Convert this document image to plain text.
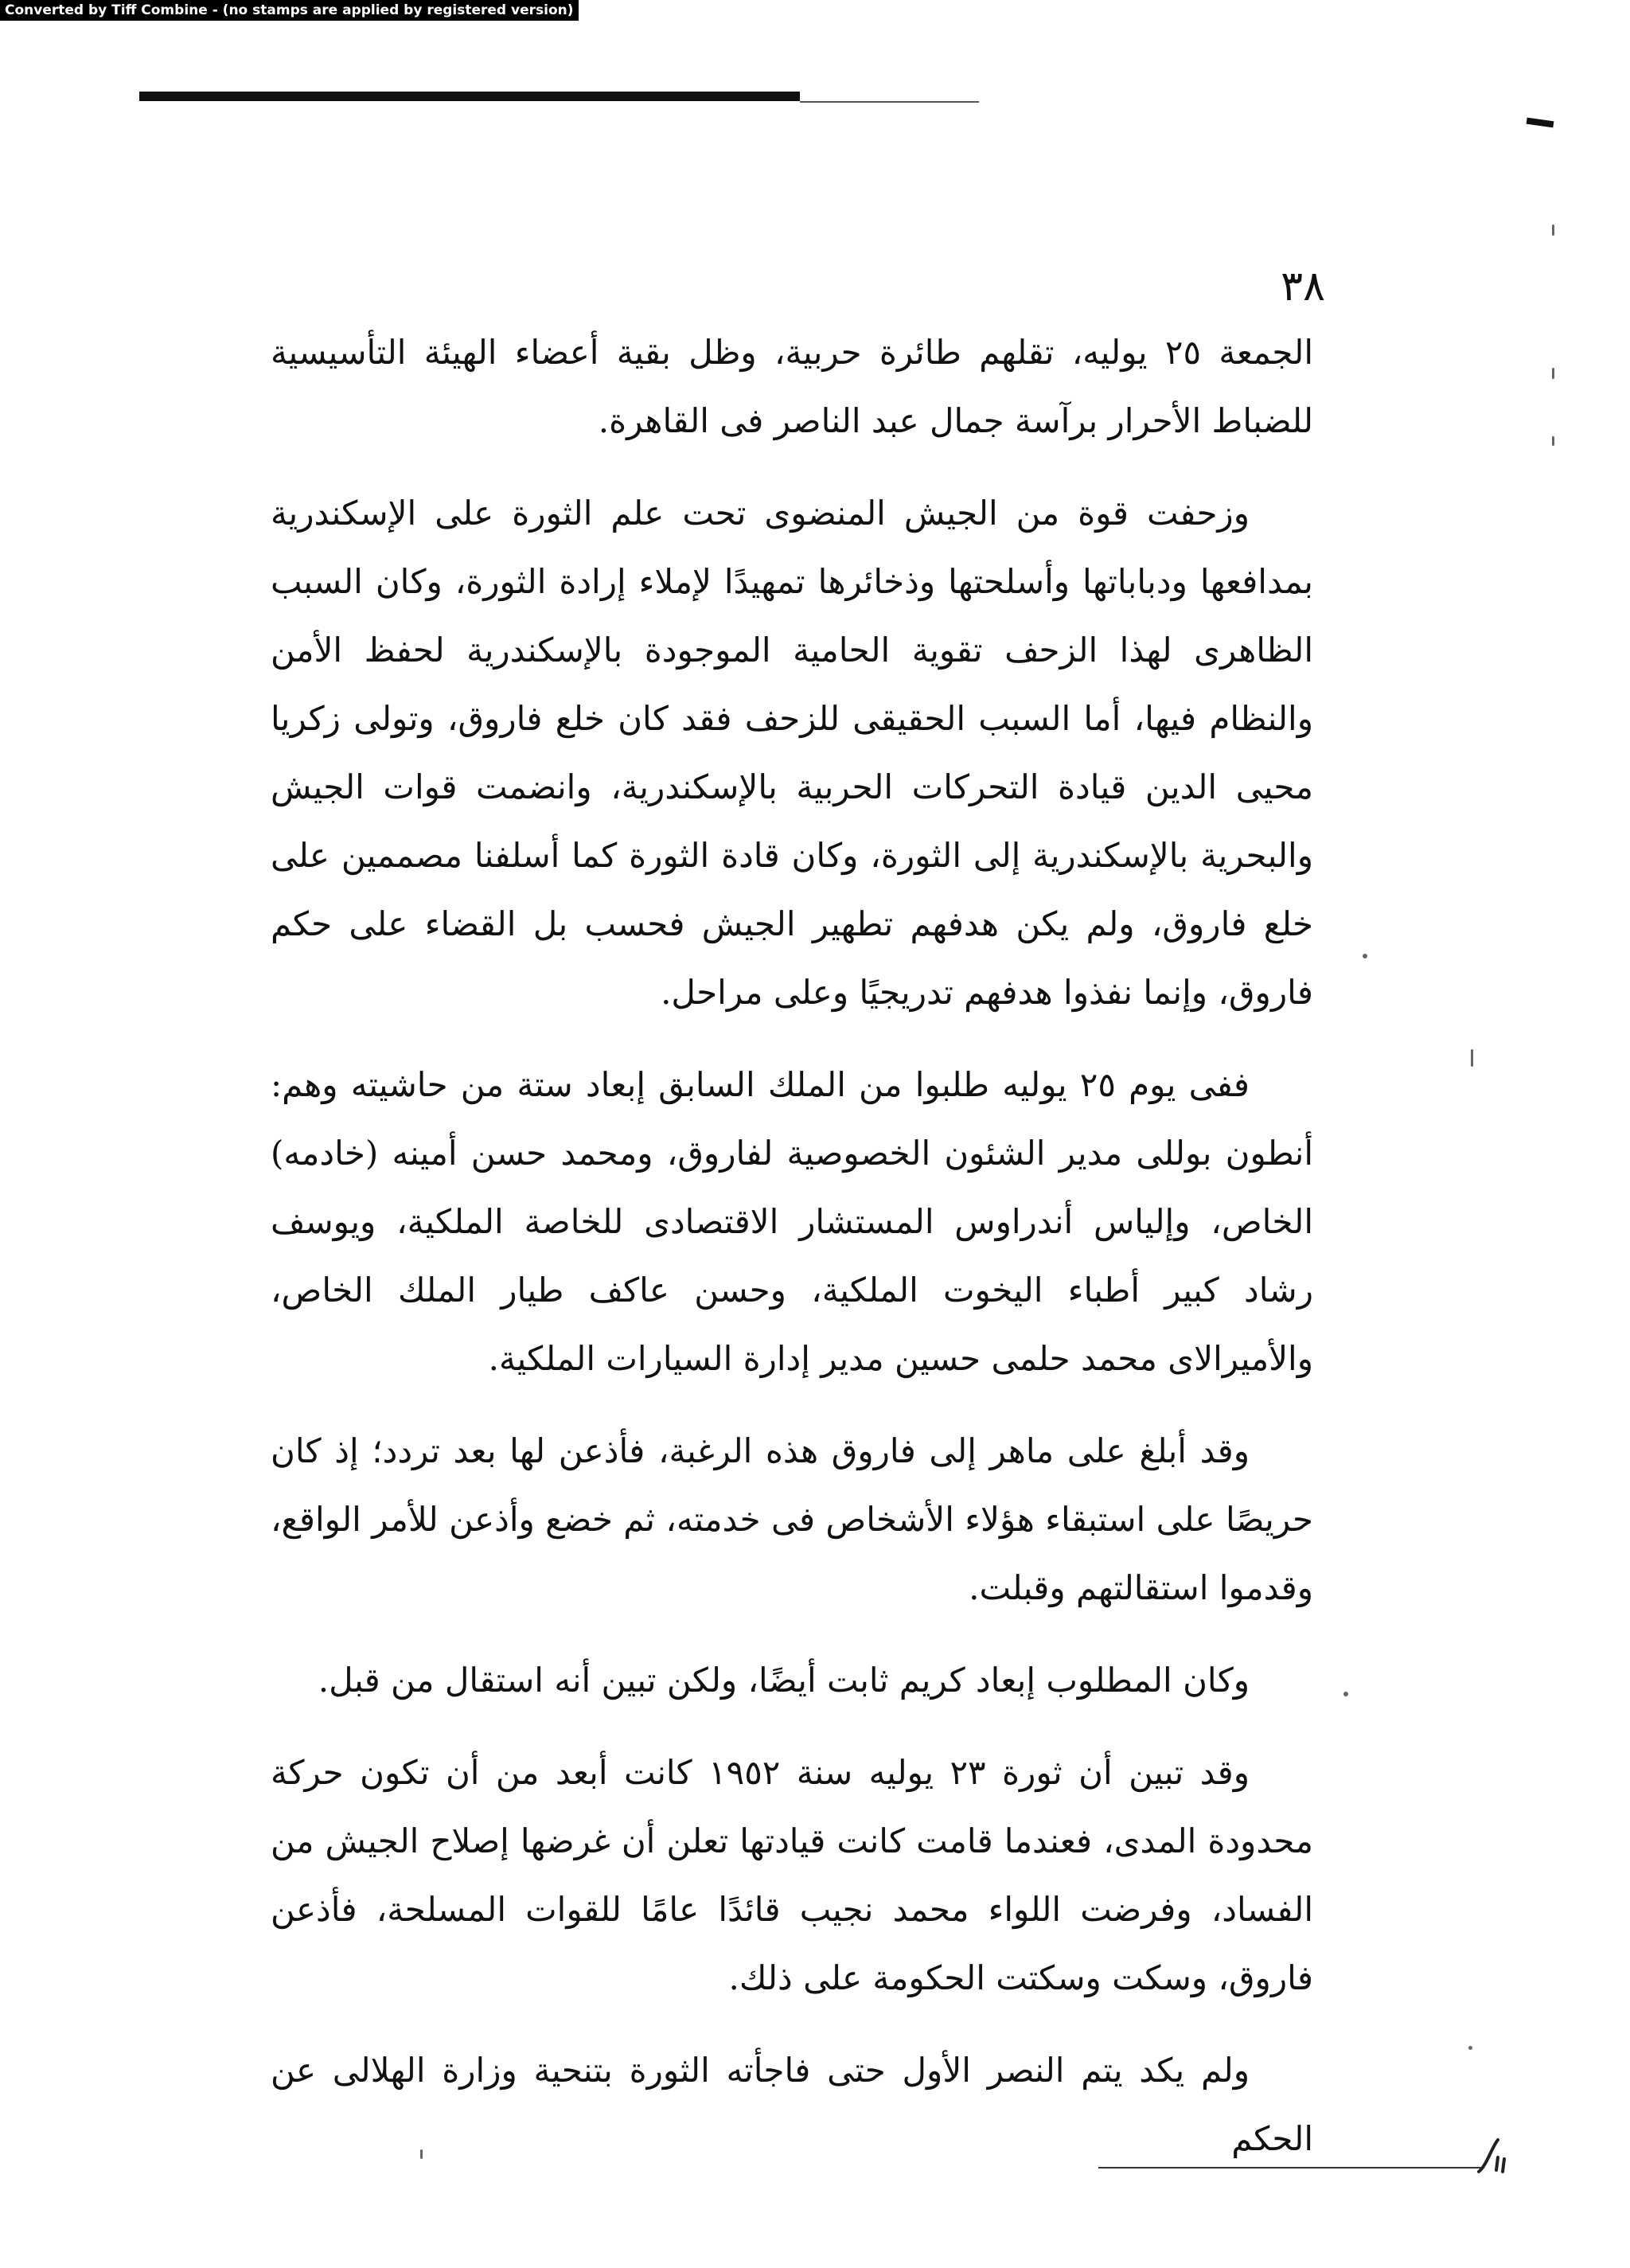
Converted by Tiff Combine - (no stamps are applied by registered version)
٣٨

الجمعة ٢٥ يوليه، تقلهم طائرة حربية، وظل بقية أعضاء الهيئة التأسيسية للضباط الأحرار برآسة جمال عبد الناصر فى القاهرة.

وزحفت قوة من الجيش المنضوى تحت علم الثورة على الإسكندرية بمدافعها ودباباتها وأسلحتها وذخائرها تمهيدًا لإملاء إرادة الثورة، وكان السبب الظاهرى لهذا الزحف تقوية الحامية الموجودة بالإسكندرية لحفظ الأمن والنظام فيها، أما السبب الحقيقى للزحف فقد كان خلع فاروق، وتولى زكريا محيى الدين قيادة التحركات الحربية بالإسكندرية، وانضمت قوات الجيش والبحرية بالإسكندرية إلى الثورة، وكان قادة الثورة كما أسلفنا مصممين على خلع فاروق، ولم يكن هدفهم تطهير الجيش فحسب بل القضاء على حكم فاروق، وإنما نفذوا هدفهم تدريجيًا وعلى مراحل.

ففى يوم ٢٥ يوليه طلبوا من الملك السابق إبعاد ستة من حاشيته وهم: أنطون بوللى مدير الشئون الخصوصية لفاروق، ومحمد حسن أمينه (خادمه) الخاص، وإلياس أندراوس المستشار الاقتصادى للخاصة الملكية، ويوسف رشاد كبير أطباء اليخوت الملكية، وحسن عاكف طيار الملك الخاص، والأميرالاى محمد حلمى حسين مدير إدارة السيارات الملكية.

وقد أبلغ على ماهر إلى فاروق هذه الرغبة، فأذعن لها بعد تردد؛ إذ كان حريصًا على استبقاء هؤلاء الأشخاص فى خدمته، ثم خضع وأذعن للأمر الواقع، وقدموا استقالتهم وقبلت.

وكان المطلوب إبعاد كريم ثابت أيضًا، ولكن تبين أنه استقال من قبل.

وقد تبين أن ثورة ٢٣ يوليه سنة ١٩٥٢ كانت أبعد من أن تكون حركة محدودة المدى، فعندما قامت كانت قيادتها تعلن أن غرضها إصلاح الجيش من الفساد، وفرضت اللواء محمد نجيب قائدًا عامًا للقوات المسلحة، فأذعن فاروق، وسكت وسكتت الحكومة على ذلك.

ولم يكد يتم النصر الأول حتى فاجأته الثورة بتنحية وزارة الهلالى عن الحكم
